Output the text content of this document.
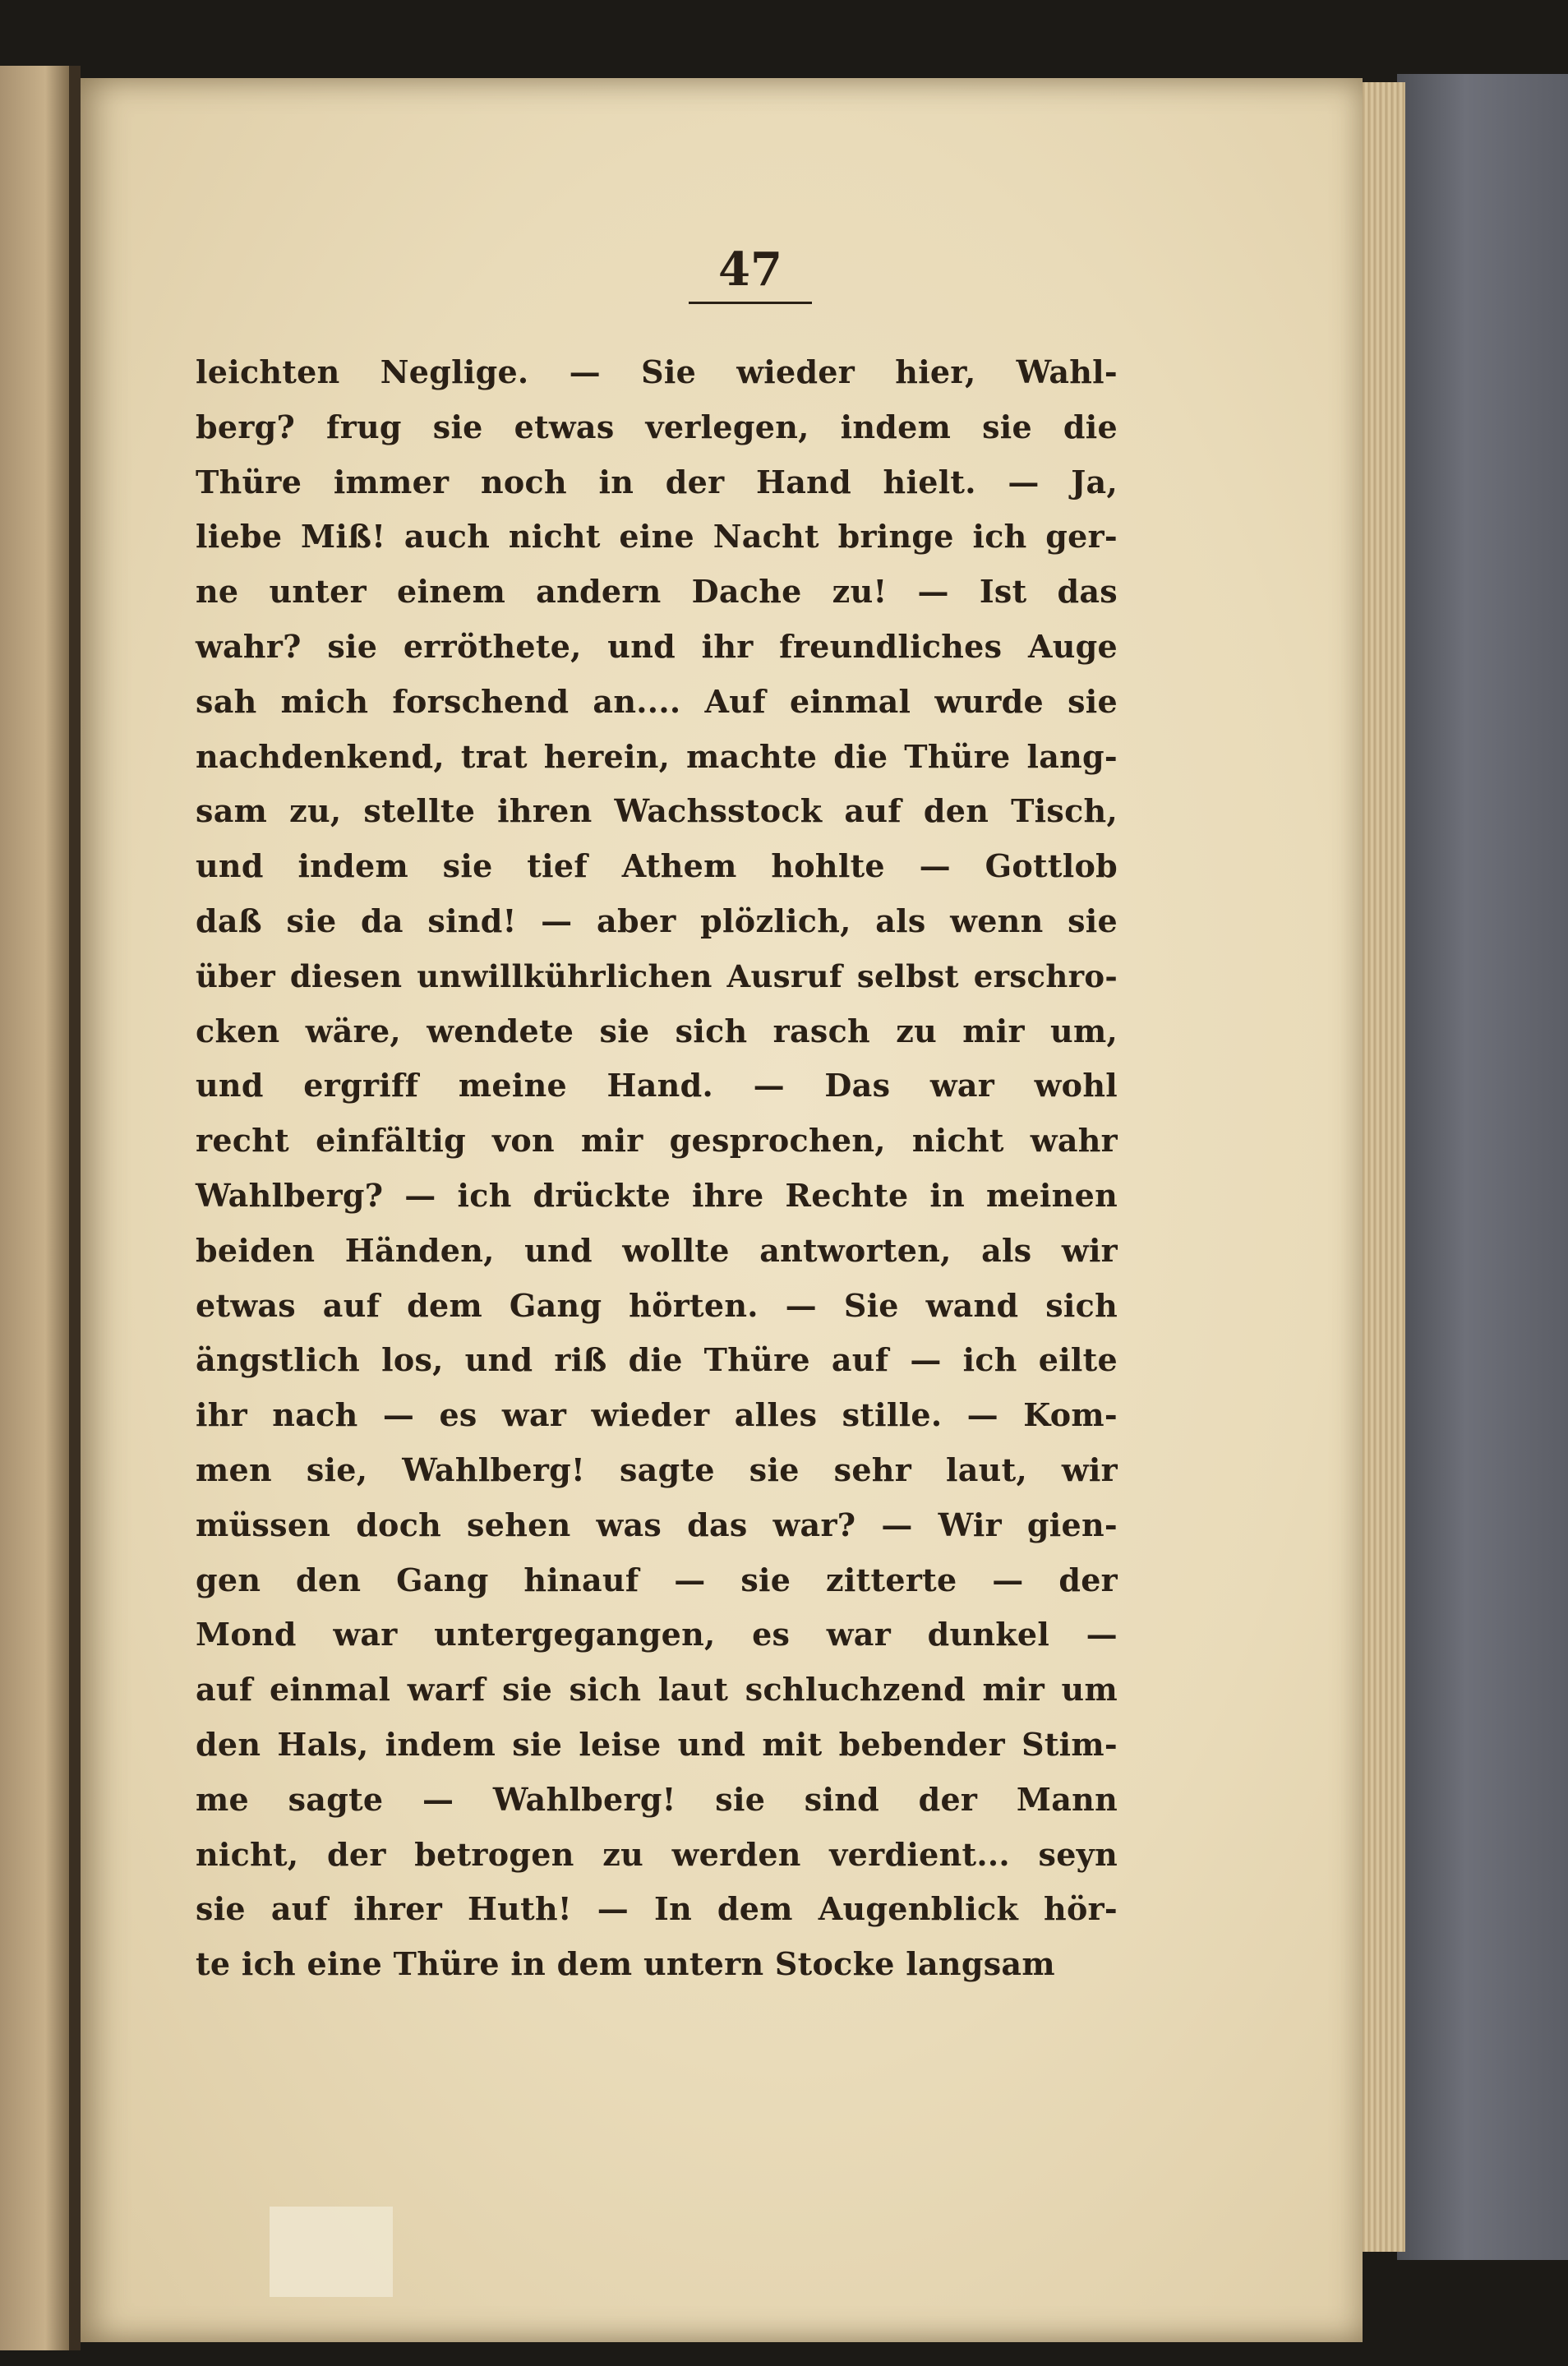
47
leichten Neglige. — Sie wieder hier, Wahl-
berg? frug sie etwas verlegen, indem sie die
Thüre immer noch in der Hand hielt. — Ja,
liebe Miß! auch nicht eine Nacht bringe ich ger-
ne unter einem andern Dache zu! — Ist das
wahr? sie erröthete, und ihr freundliches Auge
sah mich forschend an.... Auf einmal wurde sie
nachdenkend, trat herein, machte die Thüre lang-
sam zu, stellte ihren Wachsstock auf den Tisch,
und indem sie tief Athem hohlte — Gottlob
daß sie da sind! — aber plözlich, als wenn sie
über diesen unwillkührlichen Ausruf selbst erschro-
cken wäre, wendete sie sich rasch zu mir um,
und ergriff meine Hand. — Das war wohl
recht einfältig von mir gesprochen, nicht wahr
Wahlberg? — ich drückte ihre Rechte in meinen
beiden Händen, und wollte antworten, als wir
etwas auf dem Gang hörten. — Sie wand sich
ängstlich los, und riß die Thüre auf — ich eilte
ihr nach — es war wieder alles stille. — Kom-
men sie, Wahlberg! sagte sie sehr laut, wir
müssen doch sehen was das war? — Wir gien-
gen den Gang hinauf — sie zitterte — der
Mond war untergegangen, es war dunkel —
auf einmal warf sie sich laut schluchzend mir um
den Hals, indem sie leise und mit bebender Stim-
me sagte — Wahlberg! sie sind der Mann
nicht, der betrogen zu werden verdient... seyn
sie auf ihrer Huth! — In dem Augenblick hör-
te ich eine Thüre in dem untern Stocke langsam
